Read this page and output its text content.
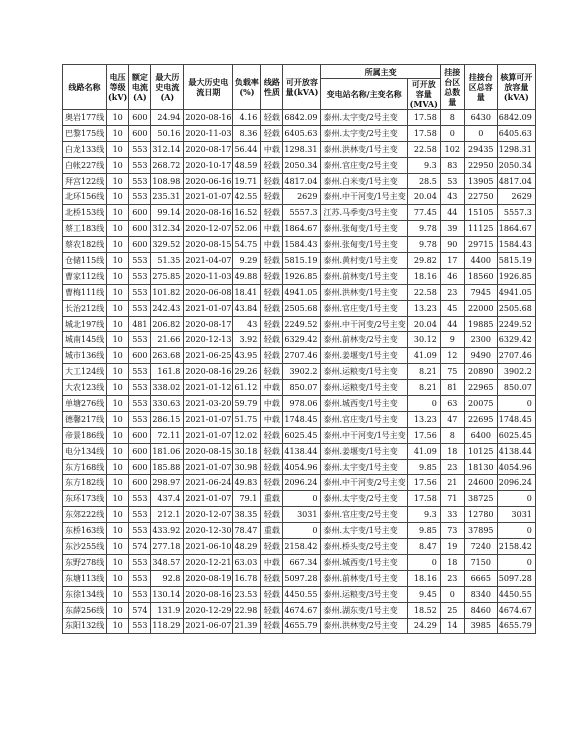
线路名称	电压等级(kV)	额定电流(A)	最大历史电流(A)	最大历史电流日期	负载率(%)	线路性质	可开放容量(kVA)	所属主变		挂接台区总数量	挂接台区总容量	核算可开放容量(kVA)
								变电站名称/主变名称	可开放容量(MVA)			
奥岩177线	10	600	24.94	2020-08-16	4.16	轻载	6842.09	泰州.太字变/2号主变	17.58	8	6430	6842.09
巴黎175线	10	600	50.16	2020-11-03	8.36	轻载	6405.63	泰州.太字变/2号主变	17.58	0	0	6405.63
白龙133线	10	553	312.14	2020-08-17	56.44	中载	1298.31	泰州.洪林变/1号主变	22.58	102	29435	1298.31
白帐227线	10	553	268.72	2020-10-17	48.59	轻载	2050.34	泰州.官庄变/2号主变	9.3	83	22950	2050.34
拜宫122线	10	553	108.98	2020-06-16	19.71	轻载	4817.04	泰州.白米变/1号主变	28.5	53	13905	4817.04
北环156线	10	553	235.31	2021-01-07	42.55	轻载	2629	泰州.中干河变/1号主变	20.04	43	22750	2629
北桥153线	10	600	99.14	2020-08-16	16.52	轻载	5557.3	江苏.马季变/3号主变	77.45	44	15105	5557.3
蔡工183线	10	600	312.34	2020-12-07	52.06	中载	1864.67	泰州.张甸变/1号主变	9.78	39	11125	1864.67
蔡农182线	10	600	329.52	2020-08-15	54.75	中载	1584.43	泰州.张甸变/1号主变	9.78	90	29715	1584.43
仓储115线	10	553	51.35	2021-04-07	9.29	轻载	5815.19	泰州.黄村变/1号主变	29.82	17	4400	5815.19
曹家112线	10	553	275.85	2020-11-03	49.88	轻载	1926.85	泰州.前林变/1号主变	18.16	46	18560	1926.85
曹梅111线	10	553	101.82	2020-06-08	18.41	轻载	4941.05	泰州.洪林变/1号主变	22.58	23	7945	4941.05
长治212线	10	553	242.43	2021-01-07	43.84	轻载	2505.68	泰州.官庄变/1号主变	13.23	45	22000	2505.68
城北197线	10	481	206.82	2020-08-17	43	轻载	2249.52	泰州.中干河变/2号主变	20.04	44	19885	2249.52
城南145线	10	553	21.66	2020-12-13	3.92	轻载	6329.42	泰州.前林变/2号主变	30.12	9	2300	6329.42
城市136线	10	600	263.68	2021-06-25	43.95	轻载	2707.46	泰州.姜堰变/1号主变	41.09	12	9490	2707.46
大工124线	10	553	161.8	2020-08-16	29.26	轻载	3902.2	泰州.运粮变/1号主变	8.21	75	20890	3902.2
大农123线	10	553	338.02	2021-01-12	61.12	中载	850.07	泰州.运粮变/1号主变	8.21	81	22965	850.07
单塘276线	10	553	330.63	2021-03-20	59.79	中载	978.06	泰州.城西变/1号主变	0	63	20075	0
德馨217线	10	553	286.15	2021-01-07	51.75	中载	1748.45	泰州.官庄变/1号主变	13.23	47	22695	1748.45
帝景186线	10	600	72.11	2021-01-07	12.02	轻载	6025.45	泰州.中干河变/1号主变	17.56	8	6400	6025.45
电分134线	10	600	181.06	2020-08-15	30.18	轻载	4138.44	泰州.姜堰变/1号主变	41.09	18	10125	4138.44
东方168线	10	600	185.88	2021-01-07	30.98	轻载	4054.96	泰州.太宇变/1号主变	9.85	23	18130	4054.96
东方182线	10	600	298.97	2021-06-24	49.83	轻载	2096.24	泰州.中干河变/2号主变	17.56	21	24600	2096.24
东环173线	10	553	437.4	2021-01-07	79.1	重载	0	泰州.太宇变/2号主变	17.58	71	38725	0
东郊222线	10	553	212.1	2020-12-07	38.35	轻载	3031	泰州.官庄变/2号主变	9.3	33	12780	3031
东桥163线	10	553	433.92	2020-12-30	78.47	重载	0	泰州.太宇变/1号主变	9.85	73	37895	0
东沙255线	10	574	277.18	2021-06-10	48.29	轻载	2158.42	泰州.桥头变/2号主变	8.47	19	7240	2158.42
东野278线	10	553	348.57	2020-12-21	63.03	中载	667.34	泰州.城西变/1号主变	0	18	7150	0
东塘113线	10	553	92.8	2020-08-19	16.78	轻载	5097.28	泰州.前林变/1号主变	18.16	23	6665	5097.28
东徐134线	10	553	130.14	2020-08-16	23.53	轻载	4450.55	泰州.运粮变/3号主变	9.45	0	8340	4450.55
东薛256线	10	574	131.9	2020-12-29	22.98	轻载	4674.67	泰州.湖东变/1号主变	18.52	25	8460	4674.67
东阳132线	10	553	118.29	2021-06-07	21.39	轻载	4655.79	泰州.洪林变/2号主变	24.29	14	3985	4655.79
